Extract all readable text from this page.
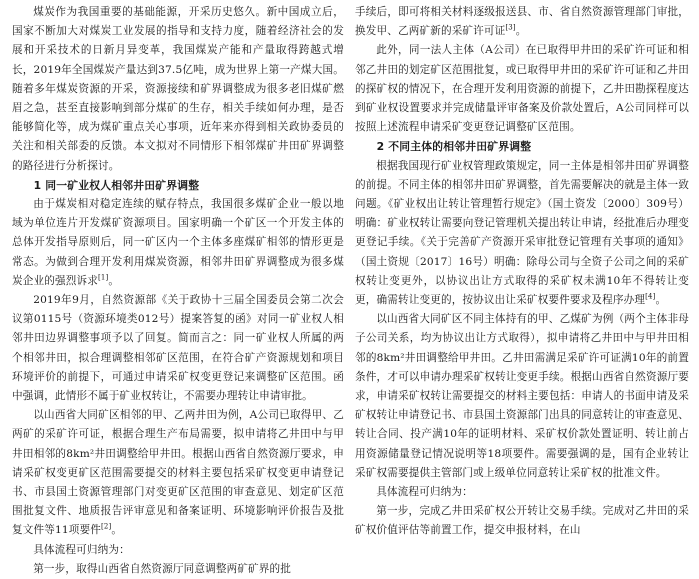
煤炭作为我国重要的基础能源，开采历史悠久。新中国成立后，国家不断加大对煤炭工业发展的指导和支持力度，随着经济社会的发展和开采技术的日新月异变革，我国煤炭产能和产量取得跨越式增长，2019年全国煤炭产量达到37.5亿吨，成为世界上第一产煤大国。随着多年煤炭资源的开采，资源接续和矿界调整成为很多老旧煤矿燃眉之急，甚至直接影响到部分煤矿的生存，相关手续如何办理，是否能够简化等，成为煤矿重点关心事项，近年来亦得到相关政协委员的关注和相关部委的反馈。本文拟对不同情形下相邻煤矿井田矿界调整的路径进行分析探讨。

1 同一矿业权人相邻井田矿界调整

由于煤炭相对稳定连续的赋存特点，我国很多煤矿企业一般以地域为单位连片开发煤矿资源项目。国家明确一个矿区一个开发主体的总体开发指导原则后，同一矿区内一个主体多座煤矿相邻的情形更是常态。为做到合理开发利用煤炭资源，相邻井田矿界调整成为很多煤炭企业的强烈诉求[1]。

2019年9月，自然资源部《关于政协十三届全国委员会第二次会议第0115号（资源环境类012号）提案答复的函》对同一矿业权人相邻井田边界调整事项予以了回复。简而言之：同一矿业权人所属的两个相邻井田，拟合理调整相邻矿区范围，在符合矿产资源规划和项目环境评价的前提下，可通过申请采矿权变更登记来调整矿区范围。函中强调，此情形不属于矿业权转让，不需要办理转让申请审批。

以山西省大同矿区相邻的甲、乙两井田为例，A公司已取得甲、乙两矿的采矿许可证，根据合理生产布局需要，拟申请将乙井田中与甲井田相邻的8km²井田调整给甲井田。根据山西省自然资源厅要求，申请采矿权变更矿区范围需要提交的材料主要包括采矿权变更申请登记书、市县国土资源管理部门对变更矿区范围的审查意见、划定矿区范围批复文件、地质报告评审意见和备案证明、环境影响评价报告及批复文件等11项要件[2]。

具体流程可归纳为：

第一步，取得山西省自然资源厅同意调整两矿矿界的批

手续后，即可将相关材料逐级报送县、市、省自然资源管理部门审批，换发甲、乙两矿新的采矿许可证[3]。

此外，同一法人主体（A公司）在已取得甲井田的采矿许可证和相邻乙井田的划定矿区范围批复，或已取得甲井田的采矿许可证和乙井田的探矿权的情况下，在合理开发利用资源的前提下，乙井田勘探程度达到矿业权设置要求并完成储量评审备案及价款处置后，A公司同样可以按照上述流程申请采矿变更登记调整矿区范围。

2 不同主体的相邻井田矿界调整

根据我国现行矿业权管理政策规定，同一主体是相邻井田矿界调整的前提。不同主体的相邻井田矿界调整，首先需要解决的就是主体一致问题。《矿业权出让转让管理暂行规定》（国土资发〔2000〕309号）明确：矿业权转让需要向登记管理机关提出转让申请，经批准后办理变更登记手续。《关于完善矿产资源开采审批登记管理有关事项的通知》（国土资规〔2017〕16号）明确：除母公司与全资子公司之间的采矿权转让变更外，以协议出让方式取得的采矿权未满10年不得转让变更，确需转让变更的，按协议出让采矿权要件要求及程序办理[4]。

以山西省大同矿区不同主体持有的甲、乙煤矿为例（两个主体非母子公司关系，均为协议出让方式取得），拟申请将乙井田中与甲井田相邻的8km²井田调整给甲井田。乙井田需满足采矿许可证满10年的前置条件，才可以申请办理采矿权转让变更手续。根据山西省自然资源厅要求，申请采矿权转让需要提交的材料主要包括：申请人的书面申请及采矿权转让申请登记书、市县国土资源部门出具的同意转让的审查意见、转让合同、投产满10年的证明材料、采矿权价款处置证明、转让前占用资源储量登记情况说明等18项要件。需要强调的是，国有企业转让采矿权需要提供主管部门或上级单位同意转让采矿权的批准文件。

具体流程可归纳为：

第一步，完成乙井田采矿权公开转让交易手续。完成对乙井田的采矿权价值评估等前置工作，提交申报材料，在山
